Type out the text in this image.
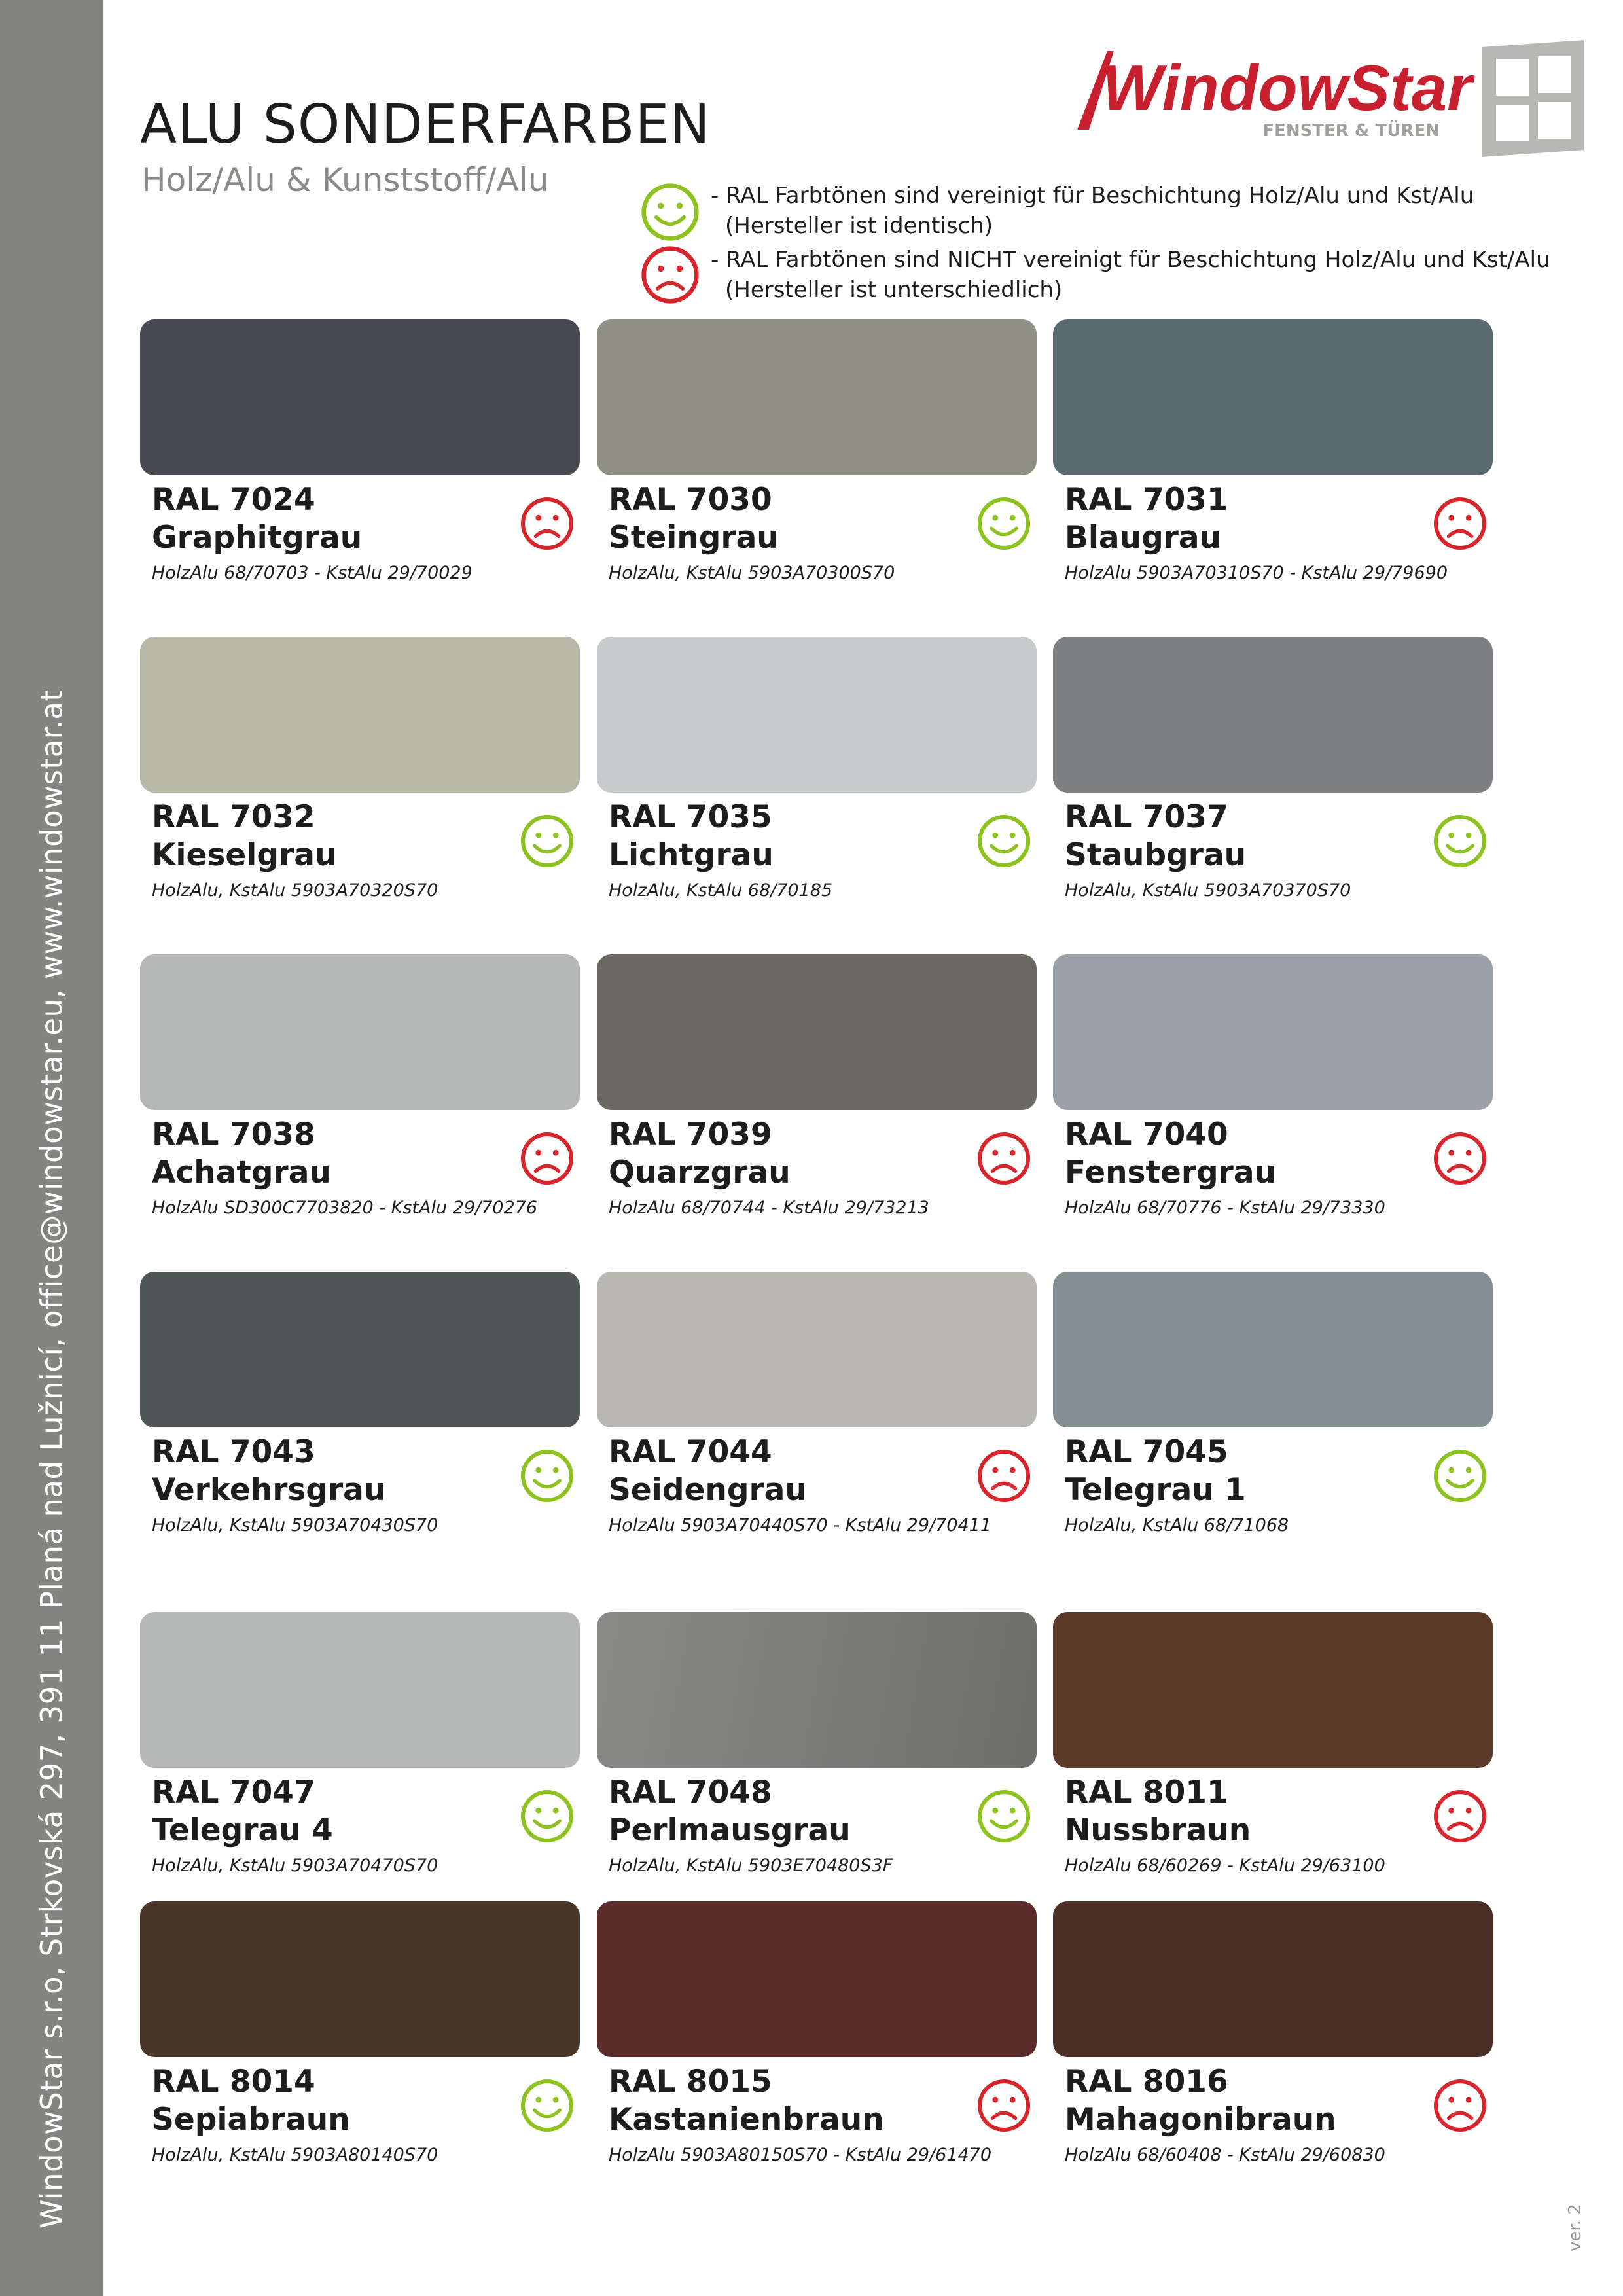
WindowStar s.r.o, Strkovská 297, 391 11 Planá nad Lužnicí, office@windowstar.eu, www.windowstar.at
ALU SONDERFARBEN
Holz/Alu & Kunststoff/Alu
WindowStar
FENSTER & TÜREN
- RAL Farbtönen sind vereinigt für Beschichtung Holz/Alu und Kst/Alu
(Hersteller ist identisch)
- RAL Farbtönen sind NICHT vereinigt für Beschichtung Holz/Alu und Kst/Alu
(Hersteller ist unterschiedlich)
RAL 7024
Graphitgrau
HolzAlu 68/70703 - KstAlu 29/70029
RAL 7030
Steingrau
HolzAlu, KstAlu 5903A70300S70
RAL 7031
Blaugrau
HolzAlu 5903A70310S70 - KstAlu 29/79690
RAL 7032
Kieselgrau
HolzAlu, KstAlu 5903A70320S70
RAL 7035
Lichtgrau
HolzAlu, KstAlu 68/70185
RAL 7037
Staubgrau
HolzAlu, KstAlu 5903A70370S70
RAL 7038
Achatgrau
HolzAlu SD300C7703820 - KstAlu 29/70276
RAL 7039
Quarzgrau
HolzAlu 68/70744 - KstAlu 29/73213
RAL 7040
Fenstergrau
HolzAlu 68/70776 - KstAlu 29/73330
RAL 7043
Verkehrsgrau
HolzAlu, KstAlu 5903A70430S70
RAL 7044
Seidengrau
HolzAlu 5903A70440S70 - KstAlu 29/70411
RAL 7045
Telegrau 1
HolzAlu, KstAlu 68/71068
RAL 7047
Telegrau 4
HolzAlu, KstAlu 5903A70470S70
RAL 7048
Perlmausgrau
HolzAlu, KstAlu 5903E70480S3F
RAL 8011
Nussbraun
HolzAlu 68/60269 - KstAlu 29/63100
RAL 8014
Sepiabraun
HolzAlu, KstAlu 5903A80140S70
RAL 8015
Kastanienbraun
HolzAlu 5903A80150S70 - KstAlu 29/61470
RAL 8016
Mahagonibraun
HolzAlu 68/60408 - KstAlu 29/60830
ver. 2
